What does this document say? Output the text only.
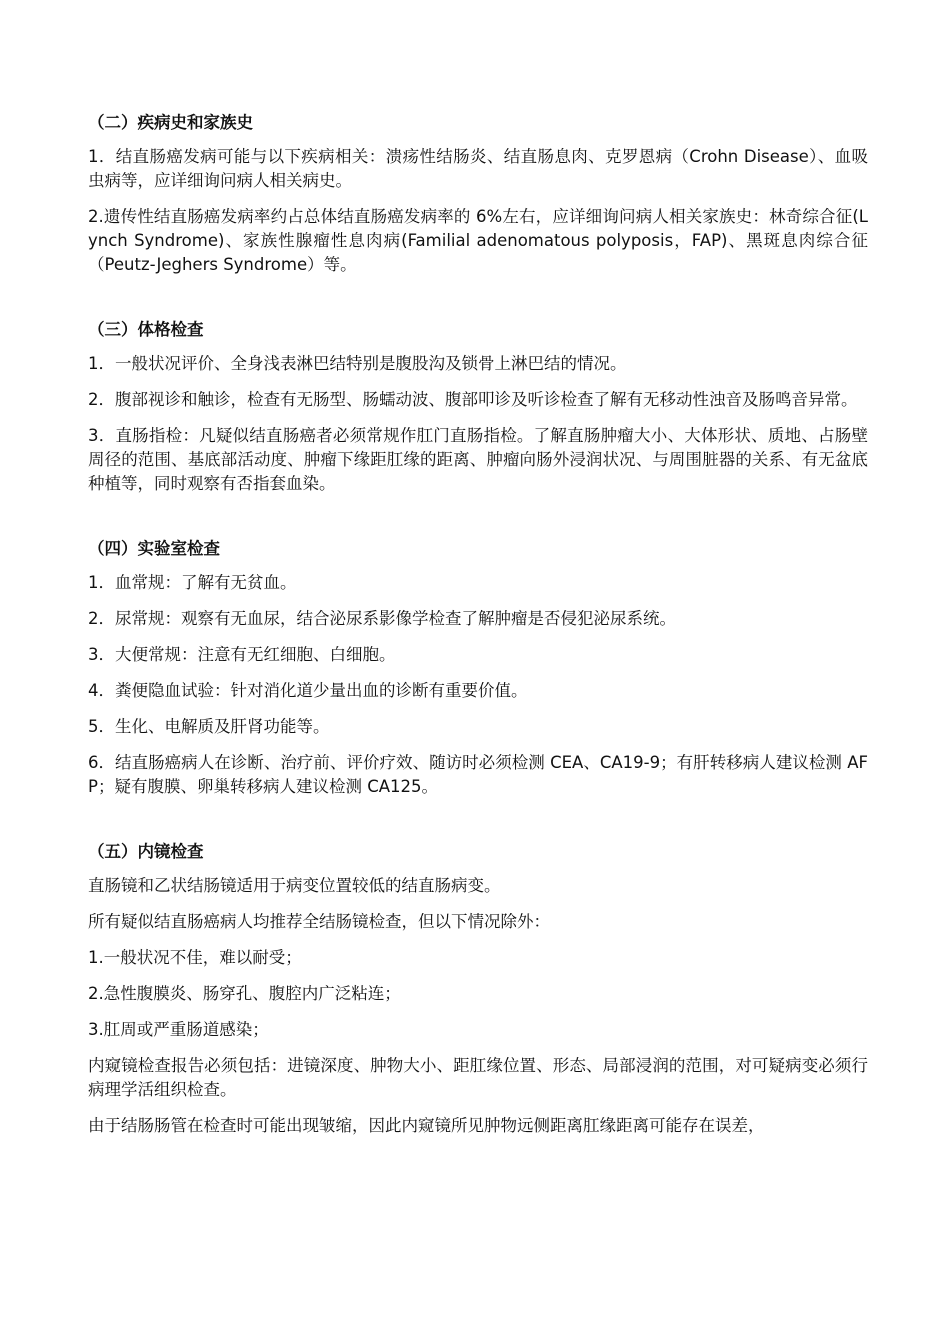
（二）疾病史和家族史

1．结直肠癌发病可能与以下疾病相关：溃疡性结肠炎、结直肠息肉、克罗恩病（Crohn Disease）、血吸虫病等，应详细询问病人相关病史。

2.遗传性结直肠癌发病率约占总体结直肠癌发病率的 6%左右，应详细询问病人相关家族史：林奇综合征(Lynch Syndrome)、家族性腺瘤性息肉病(Familial adenomatous polyposis，FAP)、黑斑息肉综合征（Peutz-Jeghers Syndrome）等。

（三）体格检查

1．一般状况评价、全身浅表淋巴结特别是腹股沟及锁骨上淋巴结的情况。

2．腹部视诊和触诊，检查有无肠型、肠蠕动波、腹部叩诊及听诊检查了解有无移动性浊音及肠鸣音异常。

3．直肠指检：凡疑似结直肠癌者必须常规作肛门直肠指检。了解直肠肿瘤大小、大体形状、质地、占肠壁周径的范围、基底部活动度、肿瘤下缘距肛缘的距离、肿瘤向肠外浸润状况、与周围脏器的关系、有无盆底种植等，同时观察有否指套血染。

（四）实验室检查

1．血常规：了解有无贫血。

2．尿常规：观察有无血尿，结合泌尿系影像学检查了解肿瘤是否侵犯泌尿系统。

3．大便常规：注意有无红细胞、白细胞。

4．粪便隐血试验：针对消化道少量出血的诊断有重要价值。

5．生化、电解质及肝肾功能等。

6．结直肠癌病人在诊断、治疗前、评价疗效、随访时必须检测 CEA、CA19-9；有肝转移病人建议检测 AFP；疑有腹膜、卵巢转移病人建议检测 CA125。

（五）内镜检查

直肠镜和乙状结肠镜适用于病变位置较低的结直肠病变。

所有疑似结直肠癌病人均推荐全结肠镜检查，但以下情况除外：

1.一般状况不佳，难以耐受；

2.急性腹膜炎、肠穿孔、腹腔内广泛粘连；

3.肛周或严重肠道感染；

内窥镜检查报告必须包括：进镜深度、肿物大小、距肛缘位置、形态、局部浸润的范围，对可疑病变必须行病理学活组织检查。

由于结肠肠管在检查时可能出现皱缩，因此内窥镜所见肿物远侧距离肛缘距离可能存在误差，
